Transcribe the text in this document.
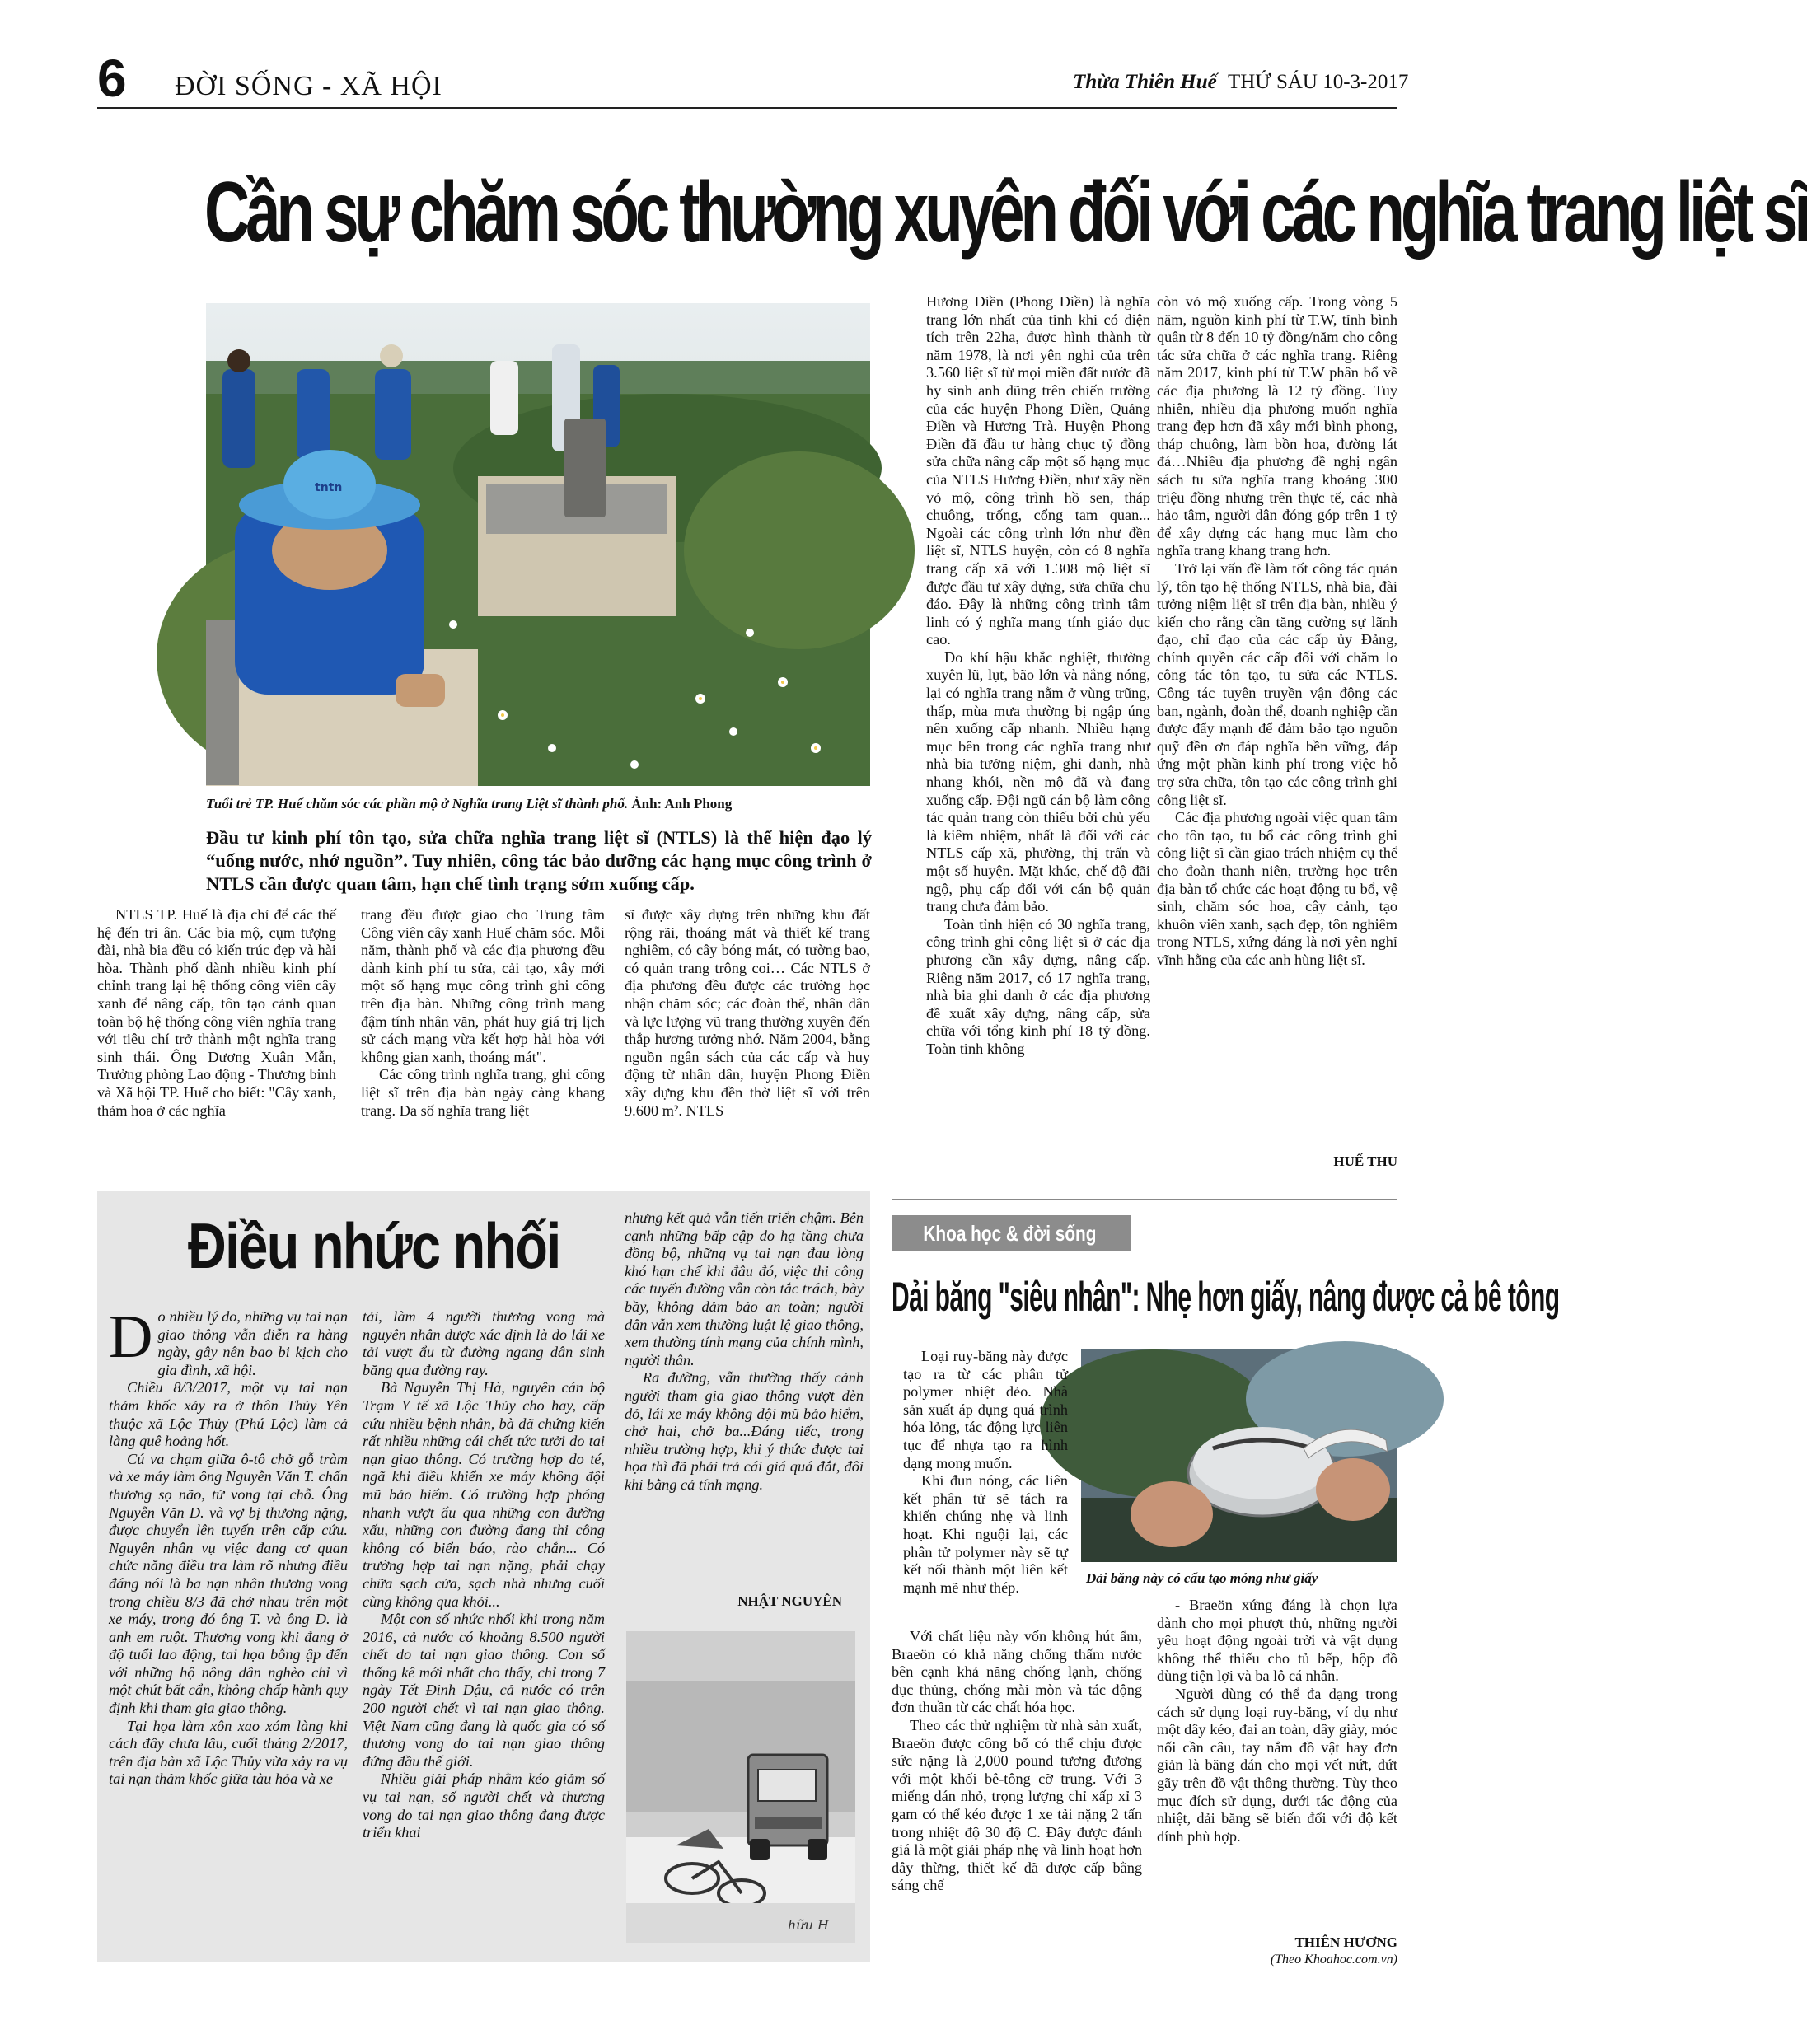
6 ĐỜI SỐNG - XÃ HỘI	Thừa Thiên Huế THỨ SÁU 10-3-2017
Cần sự chăm sóc thường xuyên đối với các nghĩa trang liệt sĩ
tntn
Tuổi trẻ TP. Huế chăm sóc các phần mộ ở Nghĩa trang Liệt sĩ thành phố. Ảnh: Anh Phong
Đầu tư kinh phí tôn tạo, sửa chữa nghĩa trang liệt sĩ (NTLS) là thể hiện đạo lý “uống nước, nhớ nguồn”. Tuy nhiên, công tác bảo dưỡng các hạng mục công trình ở NTLS cần được quan tâm, hạn chế tình trạng sớm xuống cấp.

NTLS TP. Huế là địa chỉ để các thế hệ đến tri ân. Các bia mộ, cụm tượng đài, nhà bia đều có kiến trúc đẹp và hài hòa. Thành phố dành nhiều kinh phí chỉnh trang lại hệ thống công viên cây xanh để nâng cấp, tôn tạo cảnh quan toàn bộ hệ thống công viên nghĩa trang với tiêu chí trở thành một nghĩa trang sinh thái. Ông Dương Xuân Mẫn, Trưởng phòng Lao động - Thương binh và Xã hội TP. Huế cho biết: "Cây xanh, thảm hoa ở các nghĩa

trang đều được giao cho Trung tâm Công viên cây xanh Huế chăm sóc. Mỗi năm, thành phố và các địa phương đều dành kinh phí tu sửa, cải tạo, xây mới một số hạng mục công trình ghi công trên địa bàn. Những công trình mang đậm tính nhân văn, phát huy giá trị lịch sử cách mạng vừa kết hợp hài hòa với không gian xanh, thoáng mát".

Các công trình nghĩa trang, ghi công liệt sĩ trên địa bàn ngày càng khang trang. Đa số nghĩa trang liệt

sĩ được xây dựng trên những khu đất rộng rãi, thoáng mát và thiết kế trang nghiêm, có cây bóng mát, có tường bao, có quản trang trông coi… Các NTLS ở địa phương đều được các trường học nhận chăm sóc; các đoàn thể, nhân dân và lực lượng vũ trang thường xuyên đến thắp hương tưởng nhớ. Năm 2004, bằng nguồn ngân sách của các cấp và huy động từ nhân dân, huyện Phong Điền xây dựng khu đền thờ liệt sĩ với trên 9.600 m². NTLS

Hương Điền (Phong Điền) là nghĩa trang lớn nhất của tỉnh khi có diện tích trên 22ha, được hình thành từ năm 1978, là nơi yên nghỉ của trên 3.560 liệt sĩ từ mọi miền đất nước đã hy sinh anh dũng trên chiến trường của các huyện Phong Điền, Quảng Điền và Hương Trà. Huyện Phong Điền đã đầu tư hàng chục tỷ đồng sửa chữa nâng cấp một số hạng mục của NTLS Hương Điền, như xây nền vỏ mộ, công trình hồ sen, tháp chuông, trống, cổng tam quan... Ngoài các công trình lớn như đền liệt sĩ, NTLS huyện, còn có 8 nghĩa trang cấp xã với 1.308 mộ liệt sĩ được đầu tư xây dựng, sửa chữa chu đáo. Đây là những công trình tâm linh có ý nghĩa mang tính giáo dục cao.

Do khí hậu khắc nghiệt, thường xuyên lũ, lụt, bão lớn và nắng nóng, lại có nghĩa trang nằm ở vùng trũng, thấp, mùa mưa thường bị ngập úng nên xuống cấp nhanh. Nhiều hạng mục bên trong các nghĩa trang như nhà bia tưởng niệm, ghi danh, nhà nhang khói, nền mộ đã và đang xuống cấp. Đội ngũ cán bộ làm công tác quản trang còn thiếu bởi chủ yếu là kiêm nhiệm, nhất là đối với các NTLS cấp xã, phường, thị trấn và một số huyện. Mặt khác, chế độ đãi ngộ, phụ cấp đối với cán bộ quản trang chưa đảm bảo.

Toàn tỉnh hiện có 30 nghĩa trang, công trình ghi công liệt sĩ ở các địa phương cần xây dựng, nâng cấp. Riêng năm 2017, có 17 nghĩa trang, nhà bia ghi danh ở các địa phương đề xuất xây dựng, nâng cấp, sửa chữa với tổng kinh phí 18 tỷ đồng. Toàn tỉnh không

còn vỏ mộ xuống cấp. Trong vòng 5 năm, nguồn kinh phí từ T.W, tỉnh bình quân từ 8 đến 10 tỷ đồng/năm cho công tác sửa chữa ở các nghĩa trang. Riêng năm 2017, kinh phí từ T.W phân bổ về các địa phương là 12 tỷ đồng. Tuy nhiên, nhiều địa phương muốn nghĩa trang đẹp hơn đã xây mới bình phong, tháp chuông, làm bồn hoa, đường lát đá…Nhiều địa phương đề nghị ngân sách tu sửa nghĩa trang khoảng 300 triệu đồng nhưng trên thực tế, các nhà hảo tâm, người dân đóng góp trên 1 tỷ để xây dựng các hạng mục làm cho nghĩa trang khang trang hơn.

Trở lại vấn đề làm tốt công tác quản lý, tôn tạo hệ thống NTLS, nhà bia, đài tưởng niệm liệt sĩ trên địa bàn, nhiều ý kiến cho rằng cần tăng cường sự lãnh đạo, chỉ đạo của các cấp ủy Đảng, chính quyền các cấp đối với chăm lo công tác tôn tạo, tu sửa các NTLS. Công tác tuyên truyền vận động các ban, ngành, đoàn thể, doanh nghiệp cần được đẩy mạnh để đảm bảo tạo nguồn quỹ đền ơn đáp nghĩa bền vững, đáp ứng một phần kinh phí trong việc hỗ trợ sửa chữa, tôn tạo các công trình ghi công liệt sĩ.

Các địa phương ngoài việc quan tâm cho tôn tạo, tu bổ các công trình ghi công liệt sĩ cần giao trách nhiệm cụ thể cho đoàn thanh niên, trường học trên địa bàn tổ chức các hoạt động tu bổ, vệ sinh, chăm sóc hoa, cây cảnh, tạo khuôn viên xanh, sạch đẹp, tôn nghiêm trong NTLS, xứng đáng là nơi yên nghỉ vĩnh hằng của các anh hùng liệt sĩ.

HUẾ THU
Điều nhức nhối

Do nhiều lý do, những vụ tai nạn giao thông vẫn diễn ra hàng ngày, gây nên bao bi kịch cho gia đình, xã hội.

Chiều 8/3/2017, một vụ tai nạn thảm khốc xảy ra ở thôn Thủy Yên thuộc xã Lộc Thủy (Phú Lộc) làm cả làng quê hoảng hốt.

Cú va chạm giữa ô-tô chở gỗ tràm và xe máy làm ông Nguyễn Văn T. chấn thương sọ não, tử vong tại chỗ. Ông Nguyễn Văn D. và vợ bị thương nặng, được chuyển lên tuyến trên cấp cứu. Nguyên nhân vụ việc đang cơ quan chức năng điều tra làm rõ nhưng điều đáng nói là ba nạn nhân thương vong trong chiều 8/3 đã chở nhau trên một xe máy, trong đó ông T. và ông D. là anh em ruột. Thương vong khi đang ở độ tuổi lao động, tai họa bỗng ập đến với những hộ nông dân nghèo chỉ vì một chút bất cẩn, không chấp hành quy định khi tham gia giao thông.

Tại họa làm xôn xao xóm làng khi cách đây chưa lâu, cuối tháng 2/2017, trên địa bàn xã Lộc Thủy vừa xảy ra vụ tai nạn thảm khốc giữa tàu hỏa và xe

tải, làm 4 người thương vong mà nguyên nhân được xác định là do lái xe tải vượt ẩu từ đường ngang dân sinh băng qua đường ray.

Bà Nguyễn Thị Hà, nguyên cán bộ Trạm Y tế xã Lộc Thủy cho hay, cấp cứu nhiều bệnh nhân, bà đã chứng kiến rất nhiều những cái chết tức tưởi do tai nạn giao thông. Có trường hợp do té, ngã khi điều khiển xe máy không đội mũ bảo hiểm. Có trường hợp phóng nhanh vượt ẩu qua những con đường xấu, những con đường đang thi công không có biển báo, rào chắn... Có trường hợp tai nạn nặng, phải chạy chữa sạch cửa, sạch nhà nhưng cuối cùng không qua khỏi...

Một con số nhức nhối khi trong năm 2016, cả nước có khoảng 8.500 người chết do tai nạn giao thông. Con số thống kê mới nhất cho thấy, chỉ trong 7 ngày Tết Đinh Dậu, cả nước có trên 200 người chết vì tai nạn giao thông. Việt Nam cũng đang là quốc gia có số thương vong do tai nạn giao thông đứng đầu thế giới.

Nhiều giải pháp nhằm kéo giảm số vụ tai nạn, số người chết và thương vong do tai nạn giao thông đang được triển khai

nhưng kết quả vẫn tiến triển chậm. Bên cạnh những bấp cập do hạ tầng chưa đồng bộ, những vụ tai nạn đau lòng khó hạn chế khi đâu đó, việc thi công các tuyến đường vẫn còn tắc trách, bày bầy, không đảm bảo an toàn; người dân vẫn xem thường luật lệ giao thông, xem thường tính mạng của chính mình, người thân.

Ra đường, vẫn thường thấy cảnh người tham gia giao thông vượt đèn đỏ, lái xe máy không đội mũ bảo hiểm, chở hai, chở ba...Đáng tiếc, trong nhiều trường hợp, khi ý thức được tai họa thì đã phải trả cái giá quá đắt, đôi khi bằng cả tính mạng.

NHẬT NGUYÊN
hữu H
Khoa học & đời sống
Dải băng "siêu nhân": Nhẹ hơn giấy, nâng được cả bê tông
Dải băng này có cấu tạo mỏng như giấy

Loại ruy-băng này được tạo ra từ các phân tử polymer nhiệt dẻo. Nhà sản xuất áp dụng quá trình hóa lỏng, tác động lực liên tục để nhựa tạo ra hình dạng mong muốn.

Khi đun nóng, các liên kết phân tử sẽ tách ra khiến chúng nhẹ và linh hoạt. Khi nguội lại, các phân tử polymer này sẽ tự kết nối thành một liên kết mạnh mẽ như thép.

Với chất liệu này vốn không hút ẩm, Braeön có khả năng chống thấm nước bên cạnh khả năng chống lạnh, chống đục thủng, chống mài mòn và tác động đơn thuần từ các chất hóa học.

Theo các thử nghiệm từ nhà sản xuất, Braeön được công bố có thể chịu được sức nặng là 2,000 pound tương đương với một khối bê-tông cỡ trung. Với 3 miếng dán nhỏ, trọng lượng chỉ xấp xỉ 3 gam có thể kéo được 1 xe tải nặng 2 tấn trong nhiệt độ 30 độ C. Đây được đánh giá là một giải pháp nhẹ và linh hoạt hơn dây thừng, thiết kế đã được cấp bằng sáng chế

- Braeön xứng đáng là chọn lựa dành cho mọi phượt thủ, những người yêu hoạt động ngoài trời và vật dụng không thể thiếu cho tủ bếp, hộp đồ dùng tiện lợi và ba lô cá nhân.

Người dùng có thể đa dạng trong cách sử dụng loại ruy-băng, ví dụ như một dây kéo, đai an toàn, dây giày, móc nối cần câu, tay nắm đồ vật hay đơn giản là băng dán cho mọi vết nứt, đứt gãy trên đồ vật thông thường. Tùy theo mục đích sử dụng, dưới tác động của nhiệt, dải băng sẽ biến đổi với độ kết dính phù hợp.

THIÊN HƯƠNG
(Theo Khoahoc.com.vn)
